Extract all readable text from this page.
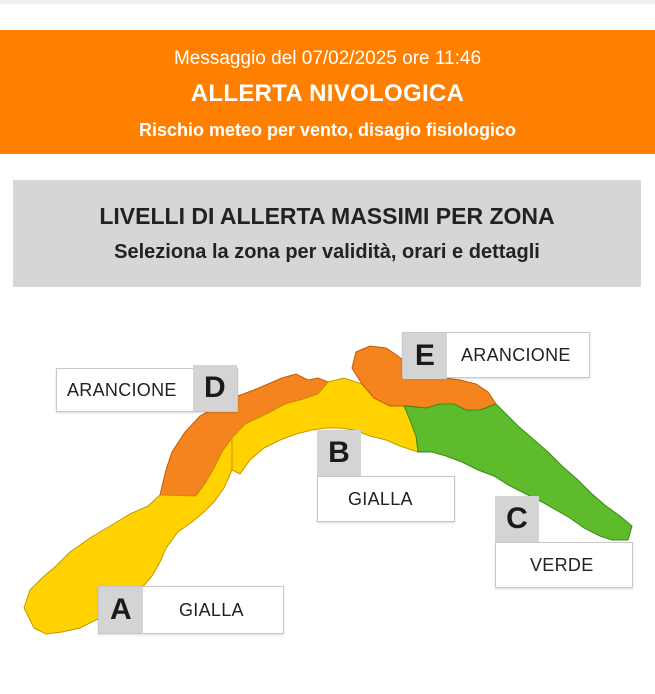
Messaggio del 07/02/2025 ore 11:46
ALLERTA NIVOLOGICA
Rischio meteo per vento, disagio fisiologico
LIVELLI DI ALLERTA MASSIMI PER ZONA
Seleziona la zona per validità, orari e dettagli
ARANCIONE D
E	ARANCIONE
GIALLA
B
VERDE
C
A	GIALLA
